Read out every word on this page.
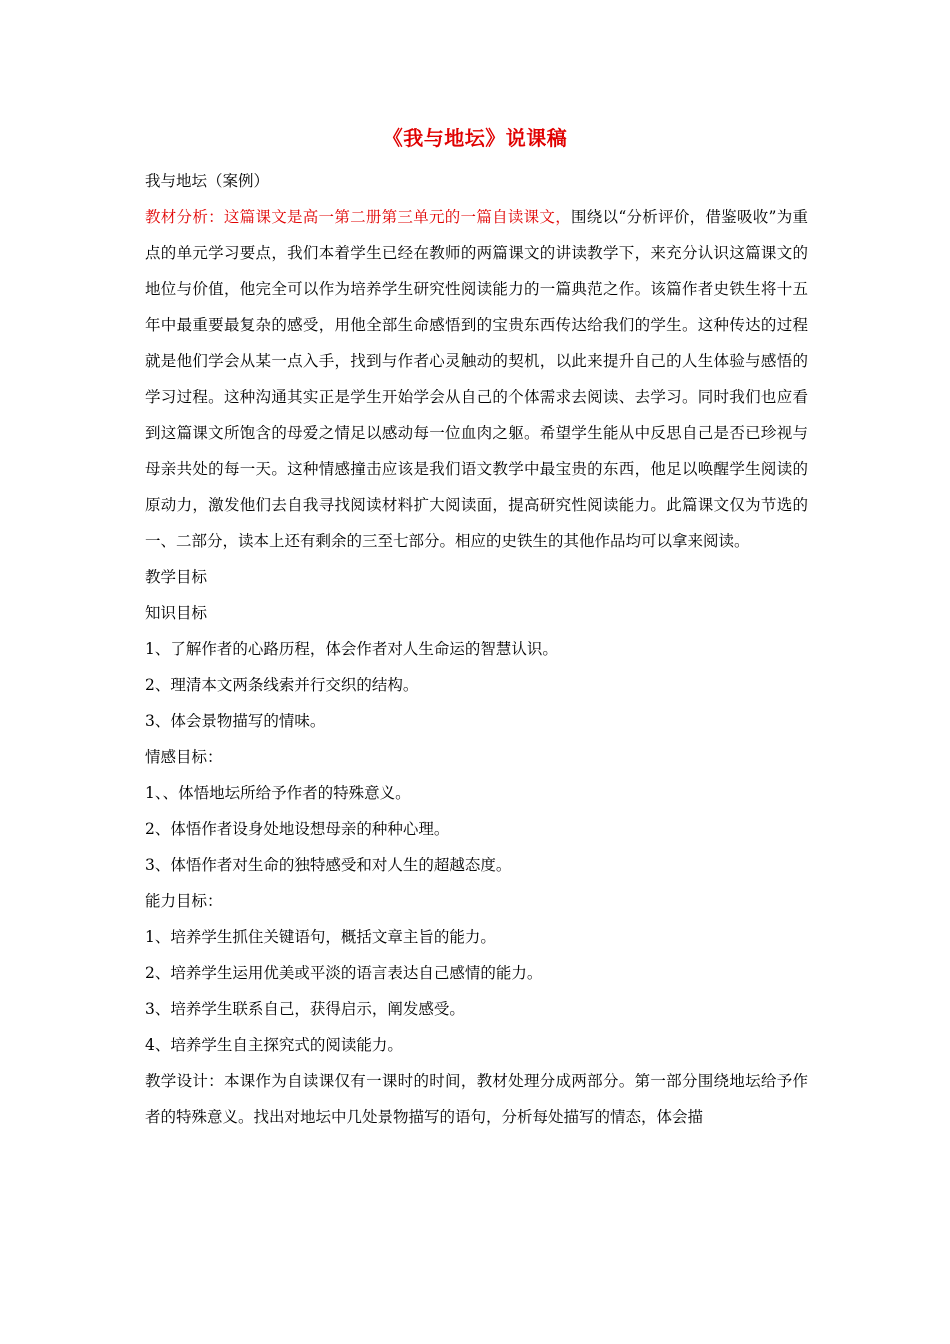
《我与地坛》说课稿
我与地坛（案例）
教材分析：这篇课文是高一第二册第三单元的一篇自读课文，围绕以“分析评价，借鉴吸收”为重点的单元学习要点，我们本着学生已经在教师的两篇课文的讲读教学下，来充分认识这篇课文的地位与价值，他完全可以作为培养学生研究性阅读能力的一篇典范之作。该篇作者史铁生将十五年中最重要最复杂的感受，用他全部生命感悟到的宝贵东西传达给我们的学生。这种传达的过程就是他们学会从某一点入手，找到与作者心灵触动的契机，以此来提升自己的人生体验与感悟的学习过程。这种沟通其实正是学生开始学会从自己的个体需求去阅读、去学习。同时我们也应看到这篇课文所饱含的母爱之情足以感动每一位血肉之躯。希望学生能从中反思自己是否已珍视与母亲共处的每一天。这种情感撞击应该是我们语文教学中最宝贵的东西，他足以唤醒学生阅读的原动力，激发他们去自我寻找阅读材料扩大阅读面，提高研究性阅读能力。此篇课文仅为节选的一、二部分，读本上还有剩余的三至七部分。相应的史铁生的其他作品均可以拿来阅读。
教学目标
知识目标
1、了解作者的心路历程，体会作者对人生命运的智慧认识。
2、理清本文两条线索并行交织的结构。
3、体会景物描写的情味。
情感目标：
1、、体悟地坛所给予作者的特殊意义。
2、体悟作者设身处地设想母亲的种种心理。
3、体悟作者对生命的独特感受和对人生的超越态度。
能力目标：
1、培养学生抓住关键语句，概括文章主旨的能力。
2、培养学生运用优美或平淡的语言表达自己感情的能力。
3、培养学生联系自己，获得启示，阐发感受。
4、培养学生自主探究式的阅读能力。
教学设计：本课作为自读课仅有一课时的时间，教材处理分成两部分。第一部分围绕地坛给予作者的特殊意义。找出对地坛中几处景物描写的语句，分析每处描写的情态，体会描
